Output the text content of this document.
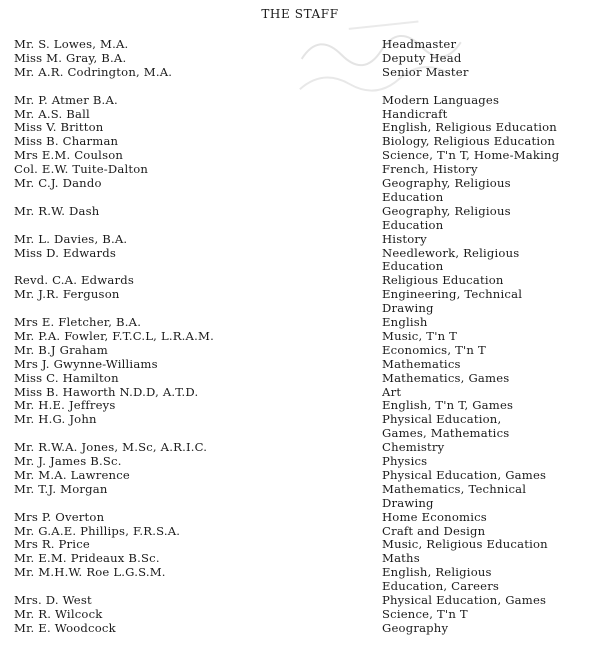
THE STAFF
Mr. S. Lowes, M.A.	Headmaster
Miss M. Gray, B.A.	Deputy Head
Mr. A.R. Codrington, M.A.	Senior Master
Mr. P. Atmer B.A.	Modern Languages
Mr. A.S. Ball	Handicraft
Miss V. Britton	English, Religious Education
Miss B. Charman	Biology, Religious Education
Mrs E.M. Coulson	Science, T'n T, Home-Making
Col. E.W. Tuite-Dalton	French, History
Mr. C.J. Dando	Geography, Religious
Education
Mr. R.W. Dash	Geography, Religious
Education
Mr. L. Davies, B.A.	History
Miss D. Edwards	Needlework, Religious
Education
Revd. C.A. Edwards	Religious Education
Mr. J.R. Ferguson	Engineering, Technical
Drawing
Mrs E. Fletcher, B.A.	English
Mr. P.A. Fowler, F.T.C.L, L.R.A.M.	Music, T'n T
Mr. B.J Graham	Economics, T'n T
Mrs J. Gwynne-Williams	Mathematics
Miss C. Hamilton	Mathematics, Games
Miss B. Haworth N.D.D, A.T.D.	Art
Mr. H.E. Jeffreys	English, T'n T, Games
Mr. H.G. John	Physical Education,
Games, Mathematics
Mr. R.W.A. Jones, M.Sc, A.R.I.C.	Chemistry
Mr. J. James B.Sc.	Physics
Mr. M.A. Lawrence	Physical Education, Games
Mr. T.J. Morgan	Mathematics, Technical
Drawing
Mrs P. Overton	Home Economics
Mr. G.A.E. Phillips, F.R.S.A.	Craft and Design
Mrs R. Price	Music, Religious Education
Mr. E.M. Prideaux B.Sc.	Maths
Mr. M.H.W. Roe L.G.S.M.	English, Religious
Education, Careers
Mrs. D. West	Physical Education, Games
Mr. R. Wilcock	Science, T'n T
Mr. E. Woodcock	Geography
